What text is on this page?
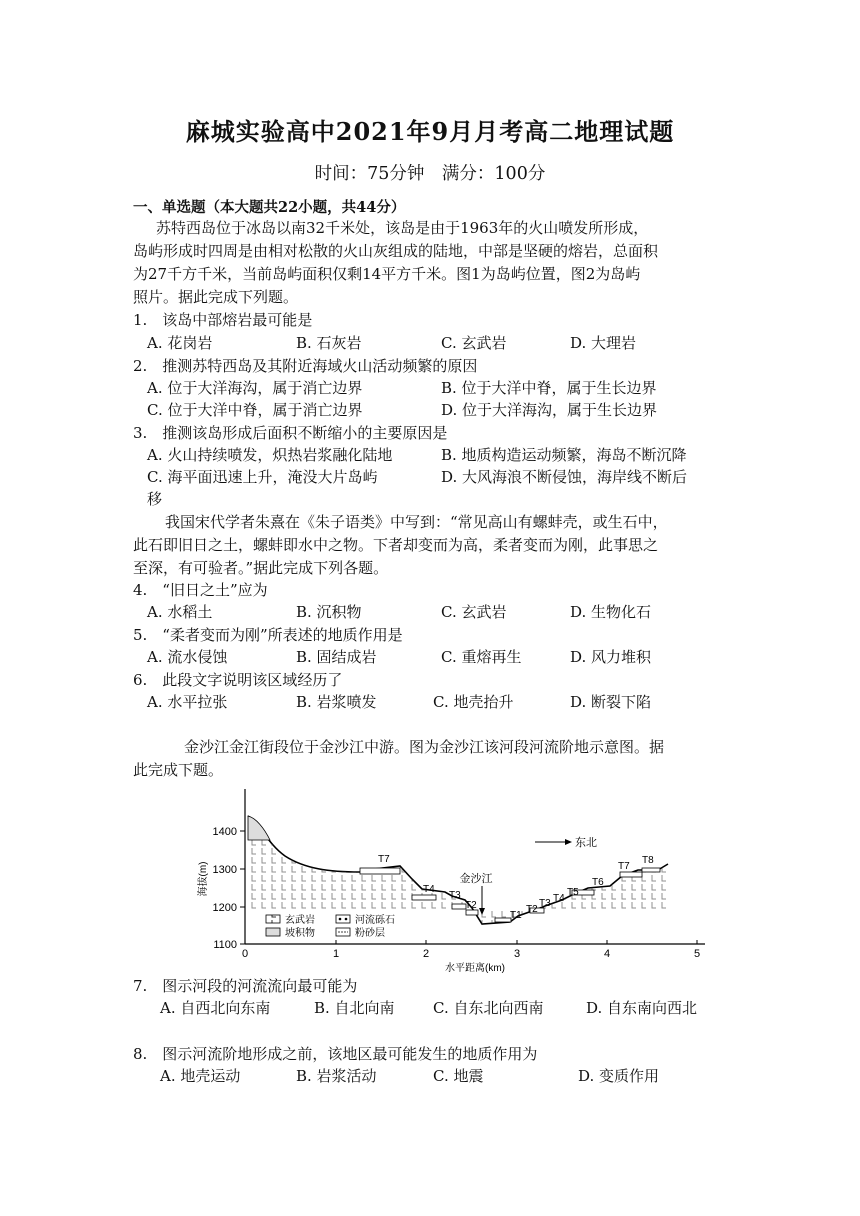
麻城实验高中2021年9月月考高二地理试题
时间：75分钟　满分：100分
一、单选题（本大题共22小题，共44分）
苏特西岛位于冰岛以南32千米处，该岛是由于1963年的火山喷发所形成，
岛屿形成时四周是由相对松散的火山灰组成的陆地，中部是坚硬的熔岩，总面积
为27千方千米，当前岛屿面积仅剩14平方千米。图1为岛屿位置，图2为岛屿
照片。据此完成下列题。
1.　该岛中部熔岩最可能是
A. 花岗岩	B. 石灰岩	C. 玄武岩	D. 大理岩
2.　推测苏特西岛及其附近海域火山活动频繁的原因
A. 位于大洋海沟，属于消亡边界	B. 位于大洋中脊，属于生长边界
C. 位于大洋中脊，属于消亡边界	D. 位于大洋海沟，属于生长边界
3.　推测该岛形成后面积不断缩小的主要原因是
A. 火山持续喷发，炽热岩浆融化陆地	B. 地质构造运动频繁，海岛不断沉降
C. 海平面迅速上升，淹没大片岛屿	D. 大风海浪不断侵蚀，海岸线不断后
移
我国宋代学者朱熹在《朱子语类》中写到：“常见高山有螺蚌壳，或生石中，
此石即旧日之土，螺蚌即水中之物。下者却变而为高，柔者变而为刚，此事思之
至深，有可验者。”据此完成下列各题。
4.　“旧日之土”应为
A. 水稻土	B. 沉积物	C. 玄武岩	D. 生物化石
5.　“柔者变而为刚”所表述的地质作用是
A. 流水侵蚀	B. 固结成岩	C. 重熔再生	D. 风力堆积
6.　此段文字说明该区域经历了
A. 水平拉张	B. 岩浆喷发	C. 地壳抬升	D. 断裂下陷
金沙江金江街段位于金沙江中游。图为金沙江该河段河流阶地示意图。据
此完成下题。
1400
1300
1200
1100
海拔(m)
0	1	2	3	4	5
水平距离(km)
东北
金沙江
T7
T4
T3
T2
T1
T2
T3 T4
T5
T6
T7
T8
玄武岩	河流砾石
坡积物	粉砂层
7.　图示河段的河流流向最可能为
A. 自西北向东南	B. 自北向南	C. 自东北向西南	D. 自东南向西北
8.　图示河流阶地形成之前，该地区最可能发生的地质作用为
A. 地壳运动	B. 岩浆活动	C. 地震	D. 变质作用
